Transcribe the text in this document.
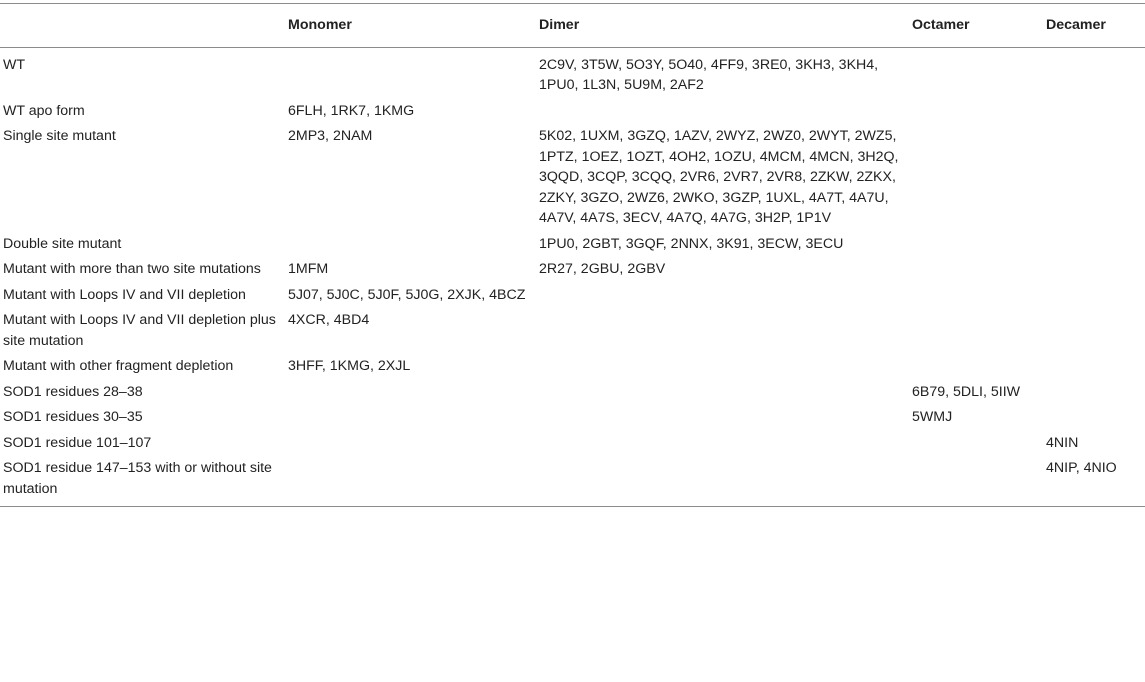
	Monomer	Dimer	Octamer	Decamer
WT		2C9V, 3T5W, 5O3Y, 5O40, 4FF9, 3RE0, 3KH3, 3KH4, 1PU0, 1L3N, 5U9M, 2AF2		
WT apo form	6FLH, 1RK7, 1KMG			
Single site mutant	2MP3, 2NAM	5K02, 1UXM, 3GZQ, 1AZV, 2WYZ, 2WZ0, 2WYT, 2WZ5, 1PTZ, 1OEZ, 1OZT, 4OH2, 1OZU, 4MCM, 4MCN, 3H2Q, 3QQD, 3CQP, 3CQQ, 2VR6, 2VR7, 2VR8, 2ZKW, 2ZKX, 2ZKY, 3GZO, 2WZ6, 2WKO, 3GZP, 1UXL, 4A7T, 4A7U, 4A7V, 4A7S, 3ECV, 4A7Q, 4A7G, 3H2P, 1P1V		
Double site mutant		1PU0, 2GBT, 3GQF, 2NNX, 3K91, 3ECW, 3ECU		
Mutant with more than two site mutations	1MFM	2R27, 2GBU, 2GBV		
Mutant with Loops IV and VII depletion	5J07, 5J0C, 5J0F, 5J0G, 2XJK, 4BCZ			
Mutant with Loops IV and VII depletion plus site mutation	4XCR, 4BD4			
Mutant with other fragment depletion	3HFF, 1KMG, 2XJL			
SOD1 residues 28–38			6B79, 5DLI, 5IIW	
SOD1 residues 30–35			5WMJ	
SOD1 residue 101–107				4NIN
SOD1 residue 147–153 with or without site mutation				4NIP, 4NIO
